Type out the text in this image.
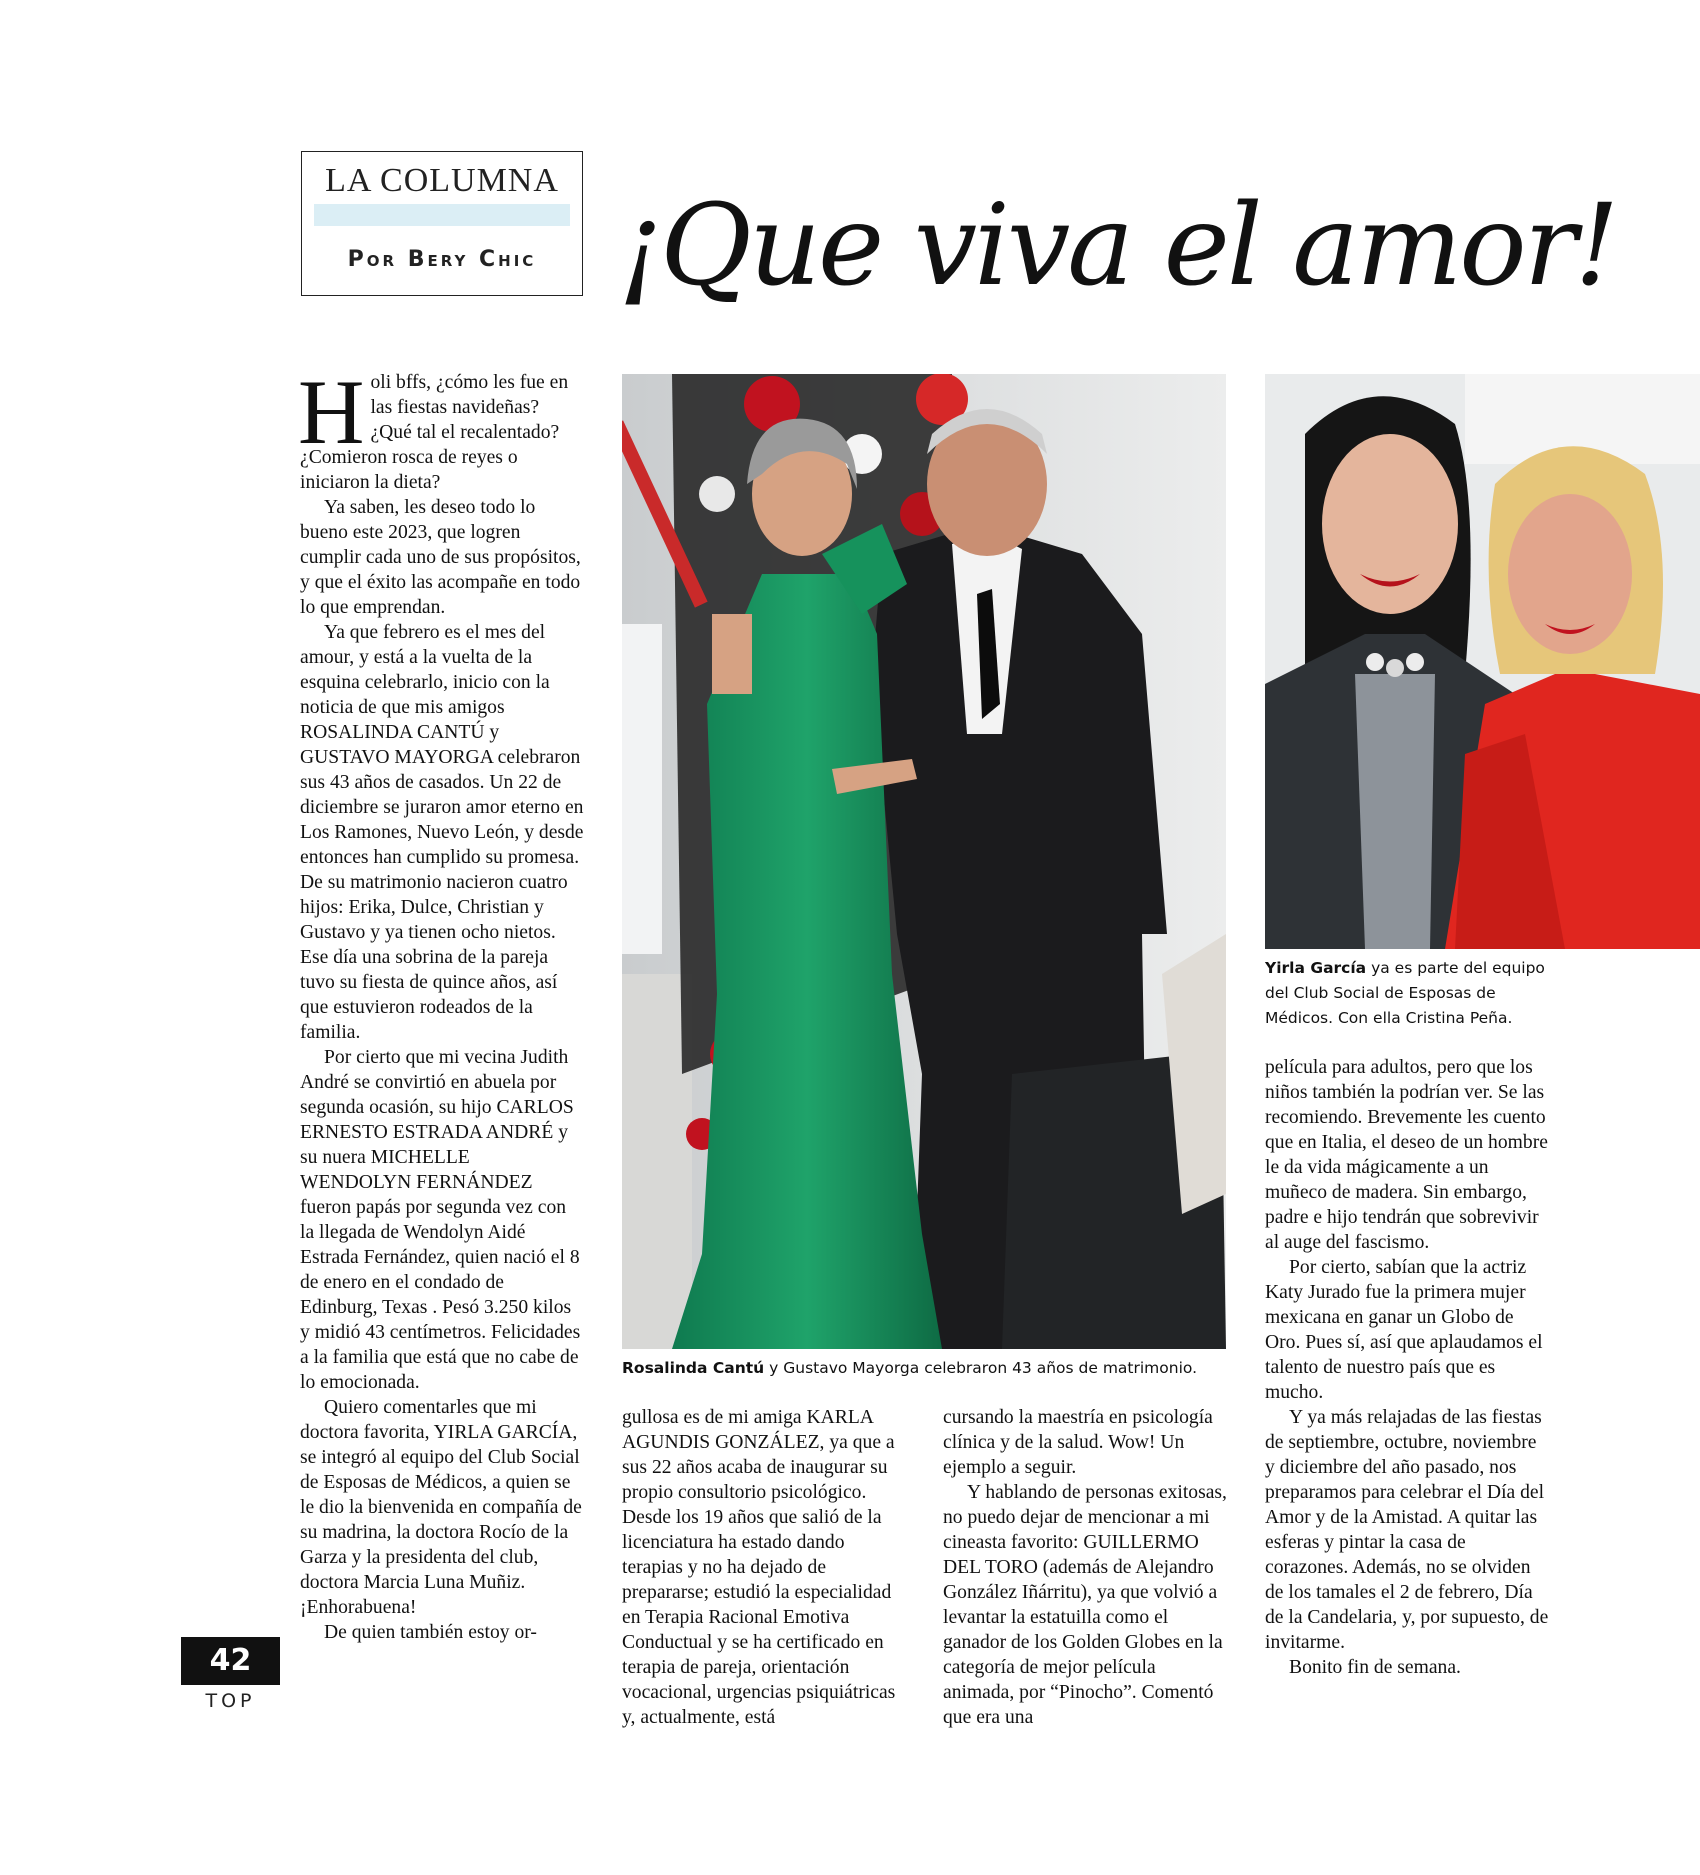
LA COLUMNA
Por Bery Chic ¡Que viva el amor!

Holi bffs, ¿cómo les fue en las fiestas navideñas? ¿Qué tal el recalentado? ¿Comieron rosca de reyes o iniciaron la dieta?

Ya saben, les deseo todo lo bueno este 2023, que logren cumplir cada uno de sus propósitos, y que el éxito las acompañe en todo lo que emprendan.

Ya que febrero es el mes del amour, y está a la vuelta de la esquina celebrarlo, inicio con la noticia de que mis amigos ROSALINDA CANTÚ y GUSTAVO MAYORGA celebraron sus 43 años de casados. Un 22 de diciembre se juraron amor eterno en Los Ramones, Nuevo León, y desde entonces han cumplido su promesa. De su matrimonio nacieron cuatro hijos: Erika, Dulce, Christian y Gustavo y ya tienen ocho nietos. Ese día una sobrina de la pareja tuvo su fiesta de quince años, así que estuvieron rodeados de la familia.

Por cierto que mi vecina Judith André se convirtió en abuela por segunda ocasión, su hijo CARLOS ERNESTO ESTRADA ANDRÉ y su nuera MICHELLE WENDOLYN FERNÁNDEZ fueron papás por segunda vez con la llegada de Wendolyn Aidé Estrada Fernández, quien nació el 8 de enero en el condado de Edinburg, Texas . Pesó 3.250 kilos y midió 43 centímetros. Felicidades a la familia que está que no cabe de lo emocionada.

Quiero comentarles que mi doctora favorita, YIRLA GARCÍA, se integró al equipo del Club Social de Esposas de Médicos, a quien se le dio la bienvenida en compañía de su madrina, la doctora Rocío de la Garza y la presidenta del club, doctora Marcia Luna Muñiz. ¡Enhorabuena!

De quien también estoy or-

Rosalinda Cantú y Gustavo Mayorga celebraron 43 años de matrimonio.
Yirla García ya es parte del equipo del Club Social de Esposas de Médicos. Con ella Cristina Peña.

gullosa es de mi amiga KARLA AGUNDIS GONZÁLEZ, ya que a sus 22 años acaba de inaugurar su propio consultorio psicológico. Desde los 19 años que salió de la licenciatura ha estado dando terapias y no ha dejado de prepararse; estudió la especialidad en Terapia Racional Emotiva Conductual y se ha certificado en terapia de pareja, orientación vocacional, urgencias psiquiátricas y, actualmente, está

cursando la maestría en psicología clínica y de la salud. Wow! Un ejemplo a seguir.

Y hablando de personas exitosas, no puedo dejar de mencionar a mi cineasta favorito: GUILLERMO DEL TORO (además de Alejandro González Iñárritu), ya que volvió a levantar la estatuilla como el ganador de los Golden Globes en la categoría de mejor película animada, por “Pinocho”. Comentó que era una

película para adultos, pero que los niños también la podrían ver. Se las recomiendo. Brevemente les cuento que en Italia, el deseo de un hombre le da vida mágicamente a un muñeco de madera. Sin embargo, padre e hijo tendrán que sobrevivir al auge del fascismo.

Por cierto, sabían que la actriz Katy Jurado fue la primera mujer mexicana en ganar un Globo de Oro. Pues sí, así que aplaudamos el talento de nuestro país que es mucho.

Y ya más relajadas de las fiestas de septiembre, octubre, noviembre y diciembre del año pasado, nos preparamos para celebrar el Día del Amor y de la Amistad. A quitar las esferas y pintar la casa de corazones. Además, no se olviden de los tamales el 2 de febrero, Día de la Candelaria, y, por supuesto, de invitarme.

Bonito fin de semana.

42
TOP
